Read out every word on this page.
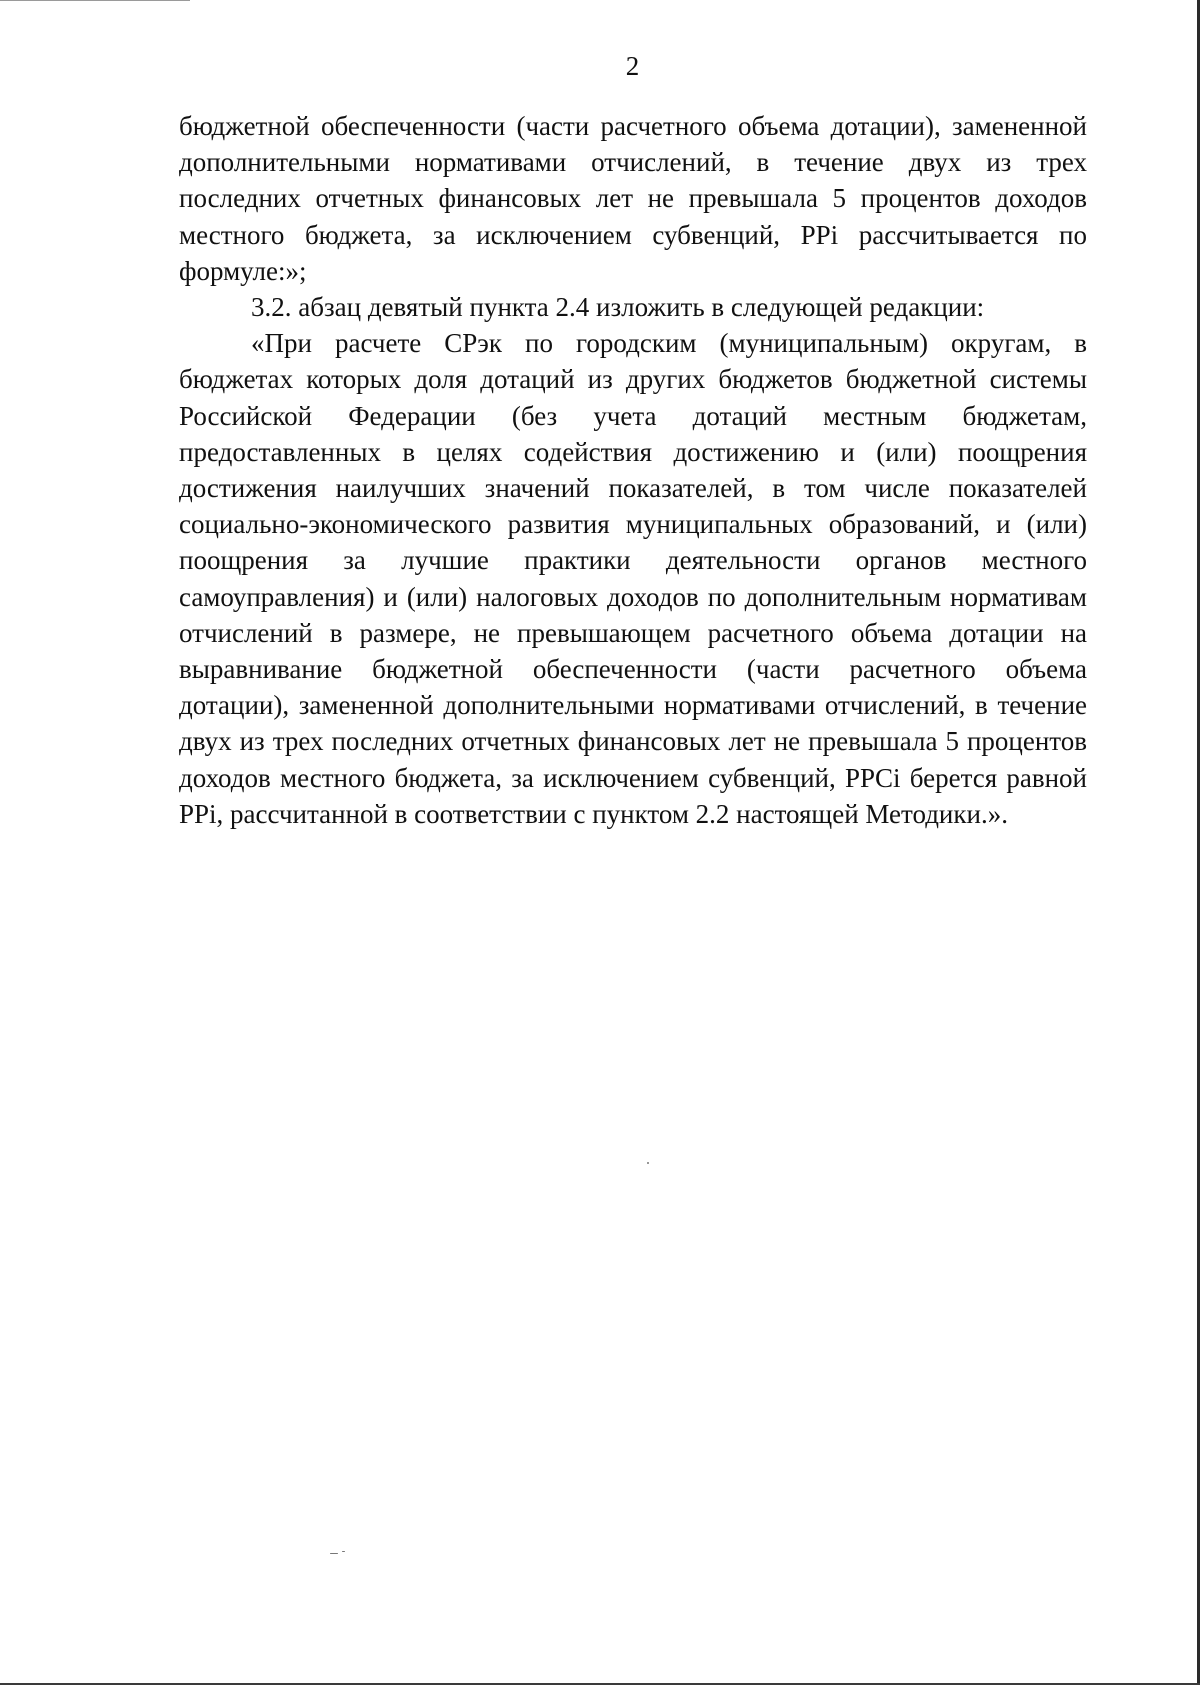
2

бюджетной обеспеченности (части расчетного объема дотации), замененной дополнительными нормативами отчислений, в течение двух из трех последних отчетных финансовых лет не превышала 5 процентов доходов местного бюджета, за исключением субвенций, PPi рассчитывается по формуле:»;

3.2. абзац девятый пункта 2.4 изложить в следующей редакции:

«При расчете CPэк по городским (муниципальным) округам, в бюджетах которых доля дотаций из других бюджетов бюджетной системы Российской Федерации (без учета дотаций местным бюджетам, предоставленных в целях содействия достижению и (или) поощрения достижения наилучших значений показателей, в том числе показателей социально-экономического развития муниципальных образований, и (или) поощрения за лучшие практики деятельности органов местного самоуправления) и (или) налоговых доходов по дополнительным нормативам отчислений в размере, не превышающем расчетного объема дотации на выравнивание бюджетной обеспеченности (части расчетного объема дотации), замененной дополнительными нормативами отчислений, в течение двух из трех последних отчетных финансовых лет не превышала 5 процентов доходов местного бюджета, за исключением субвенций, PPCi берется равной PPi, рассчитанной в соответствии с пунктом 2.2 настоящей Методики.».
